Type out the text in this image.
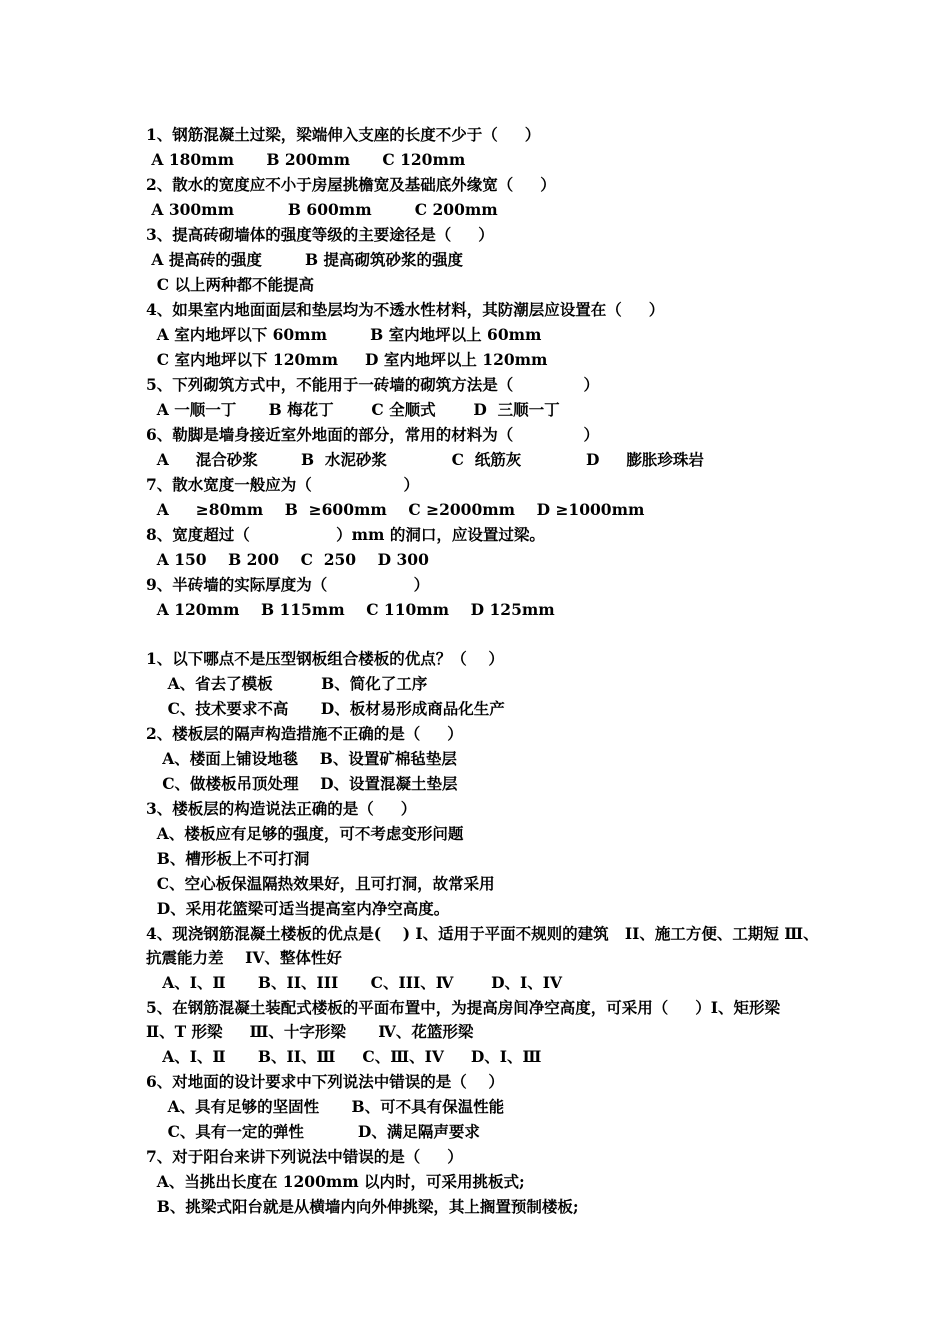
1、钢筋混凝土过梁，梁端伸入支座的长度不少于（     ）
A 180mm      B 200mm      C 120mm
2、散水的宽度应不小于房屋挑檐宽及基础底外缘宽（     ）
A 300mm          B 600mm        C 200mm
3、提高砖砌墙体的强度等级的主要途径是（     ）
A 提高砖的强度        B 提高砌筑砂浆的强度
C 以上两种都不能提高
4、如果室内地面面层和垫层均为不透水性材料，其防潮层应设置在（     ）
A 室内地坪以下 60mm        B 室内地坪以上 60mm
C 室内地坪以下 120mm     D 室内地坪以上 120mm
5、下列砌筑方式中，不能用于一砖墙的砌筑方法是（             ）
A 一顺一丁      B 梅花丁       C 全顺式       D  三顺一丁
6、勒脚是墙身接近室外地面的部分，常用的材料为（             ）
A     混合砂浆        B  水泥砂浆            C  纸筋灰            D     膨胀珍珠岩
7、散水宽度一般应为（                 ）
A     ≥80mm    B  ≥600mm    C ≥2000mm    D ≥1000mm
8、宽度超过（                ）mm 的洞口，应设置过梁。
A 150    B 200    C  250    D 300
9、半砖墙的实际厚度为（                ）
A 120mm    B 115mm    C 110mm    D 125mm
1、以下哪点不是压型钢板组合楼板的优点？（    ）
A、省去了模板         B、简化了工序
C、技术要求不高      D、板材易形成商品化生产
2、楼板层的隔声构造措施不正确的是（     ）
A、楼面上铺设地毯    B、设置矿棉毡垫层
C、做楼板吊顶处理    D、设置混凝土垫层
3、楼板层的构造说法正确的是（     ）
A、楼板应有足够的强度，可不考虑变形问题
B、槽形板上不可打洞
C、空心板保温隔热效果好，且可打洞，故常采用
D、采用花篮梁可适当提高室内净空高度。
4、现浇钢筋混凝土楼板的优点是(    ) I、适用于平面不规则的建筑   II、施工方便、工期短 Ⅲ、
抗震能力差    IV、整体性好
A、I、Ⅱ      B、II、III      C、III、Ⅳ       D、I、IV
5、在钢筋混凝土装配式楼板的平面布置中，为提高房间净空高度，可采用（     ）I、矩形梁
Ⅱ、T 形梁     Ⅲ、十字形梁      Ⅳ、花篮形梁
A、I、Ⅱ      B、II、Ⅲ     C、Ⅲ、IV     D、I、Ⅲ
6、对地面的设计要求中下列说法中错误的是（    ）
A、具有足够的坚固性      B、可不具有保温性能
C、具有一定的弹性          D、满足隔声要求
7、对于阳台来讲下列说法中错误的是（     ）
A、当挑出长度在 1200mm 以内时，可采用挑板式;
B、挑梁式阳台就是从横墙内向外伸挑梁，其上搁置预制楼板;
